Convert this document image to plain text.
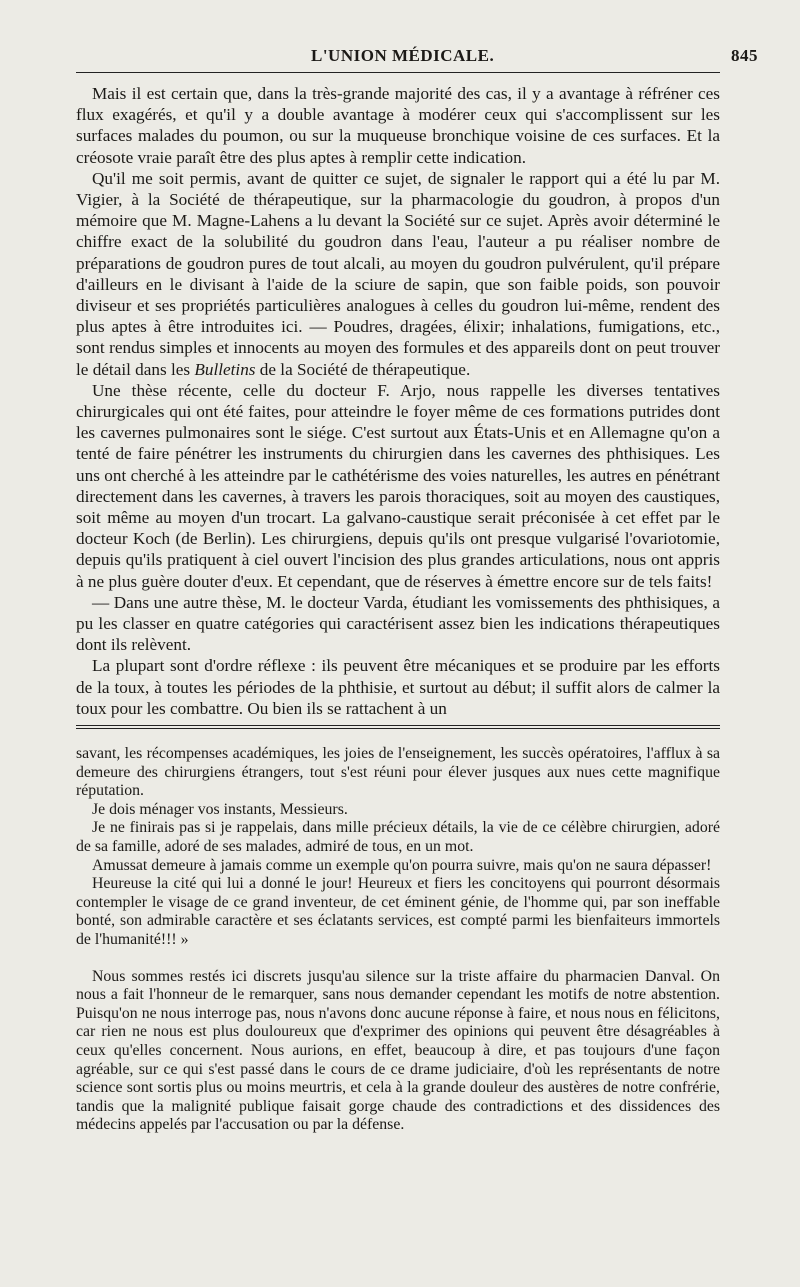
L'UNION MÉDICALE.	845

Mais il est certain que, dans la très-grande majorité des cas, il y a avantage à réfréner ces flux exagérés, et qu'il y a double avantage à modérer ceux qui s'accomplissent sur les surfaces malades du poumon, ou sur la muqueuse bronchique voisine de ces surfaces. Et la créosote vraie paraît être des plus aptes à remplir cette indication.

Qu'il me soit permis, avant de quitter ce sujet, de signaler le rapport qui a été lu par M. Vigier, à la Société de thérapeutique, sur la pharmacologie du goudron, à propos d'un mémoire que M. Magne-Lahens a lu devant la Société sur ce sujet. Après avoir déterminé le chiffre exact de la solubilité du goudron dans l'eau, l'auteur a pu réaliser nombre de préparations de goudron pures de tout alcali, au moyen du goudron pulvérulent, qu'il prépare d'ailleurs en le divisant à l'aide de la sciure de sapin, que son faible poids, son pouvoir diviseur et ses propriétés particulières analogues à celles du goudron lui-même, rendent des plus aptes à être introduites ici. — Poudres, dragées, élixir; inhalations, fumigations, etc., sont rendus simples et innocents au moyen des formules et des appareils dont on peut trouver le détail dans les Bulletins de la Société de thérapeutique.

Une thèse récente, celle du docteur F. Arjo, nous rappelle les diverses tentatives chirurgicales qui ont été faites, pour atteindre le foyer même de ces formations putrides dont les cavernes pulmonaires sont le siége. C'est surtout aux États-Unis et en Allemagne qu'on a tenté de faire pénétrer les instruments du chirurgien dans les cavernes des phthisiques. Les uns ont cherché à les atteindre par le cathétérisme des voies naturelles, les autres en pénétrant directement dans les cavernes, à travers les parois thoraciques, soit au moyen des caustiques, soit même au moyen d'un trocart. La galvano-caustique serait préconisée à cet effet par le docteur Koch (de Berlin). Les chirurgiens, depuis qu'ils ont presque vulgarisé l'ovariotomie, depuis qu'ils pratiquent à ciel ouvert l'incision des plus grandes articulations, nous ont appris à ne plus guère douter d'eux. Et cependant, que de réserves à émettre encore sur de tels faits!

— Dans une autre thèse, M. le docteur Varda, étudiant les vomissements des phthisiques, a pu les classer en quatre catégories qui caractérisent assez bien les indications thérapeutiques dont ils relèvent.

La plupart sont d'ordre réflexe : ils peuvent être mécaniques et se produire par les efforts de la toux, à toutes les périodes de la phthisie, et surtout au début; il suffit alors de calmer la toux pour les combattre. Ou bien ils se rattachent à un

savant, les récompenses académiques, les joies de l'enseignement, les succès opératoires, l'afflux à sa demeure des chirurgiens étrangers, tout s'est réuni pour élever jusques aux nues cette magnifique réputation.

Je dois ménager vos instants, Messieurs.

Je ne finirais pas si je rappelais, dans mille précieux détails, la vie de ce célèbre chirurgien, adoré de sa famille, adoré de ses malades, admiré de tous, en un mot.

Amussat demeure à jamais comme un exemple qu'on pourra suivre, mais qu'on ne saura dépasser!

Heureuse la cité qui lui a donné le jour! Heureux et fiers les concitoyens qui pourront désormais contempler le visage de ce grand inventeur, de cet éminent génie, de l'homme qui, par son ineffable bonté, son admirable caractère et ses éclatants services, est compté parmi les bienfaiteurs immortels de l'humanité!!! »

Nous sommes restés ici discrets jusqu'au silence sur la triste affaire du pharmacien Danval. On nous a fait l'honneur de le remarquer, sans nous demander cependant les motifs de notre abstention. Puisqu'on ne nous interroge pas, nous n'avons donc aucune réponse à faire, et nous nous en félicitons, car rien ne nous est plus douloureux que d'exprimer des opinions qui peuvent être désagréables à ceux qu'elles concernent. Nous aurions, en effet, beaucoup à dire, et pas toujours d'une façon agréable, sur ce qui s'est passé dans le cours de ce drame judiciaire, d'où les représentants de notre science sont sortis plus ou moins meurtris, et cela à la grande douleur des austères de notre confrérie, tandis que la malignité publique faisait gorge chaude des contradictions et des dissidences des médecins appelés par l'accusation ou par la défense.
